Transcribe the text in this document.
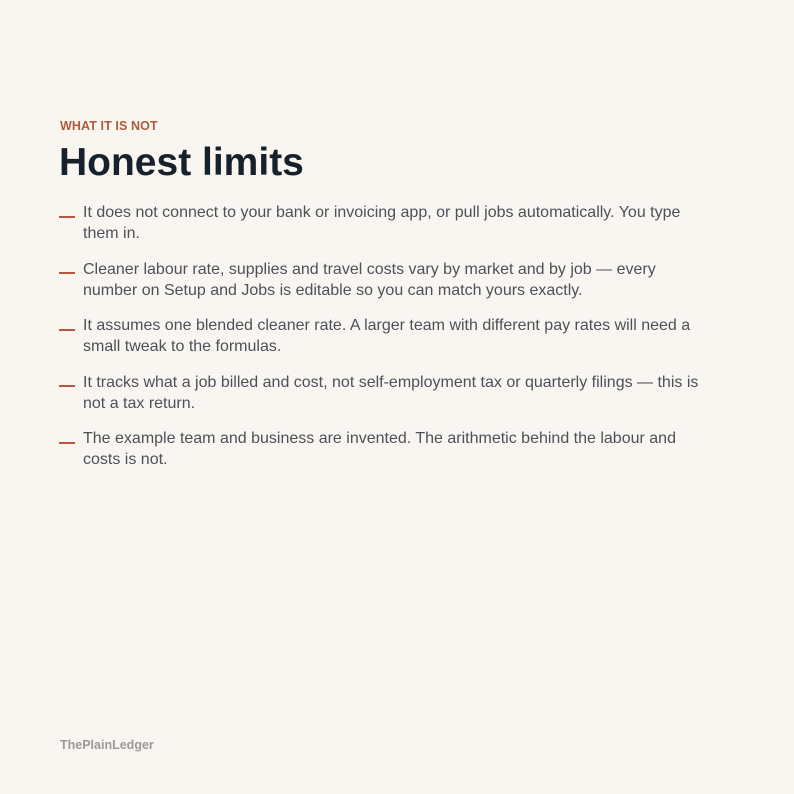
WHAT IT IS NOT

Honest limits
It does not connect to your bank or invoicing app, or pull jobs automatically. You type them in.
Cleaner labour rate, supplies and travel costs vary by market and by job — every number on Setup and Jobs is editable so you can match yours exactly.
It assumes one blended cleaner rate. A larger team with different pay rates will need a small tweak to the formulas.
It tracks what a job billed and cost, not self-employment tax or quarterly filings — this is not a tax return.
The example team and business are invented. The arithmetic behind the labour and costs is not.

ThePlainLedger
